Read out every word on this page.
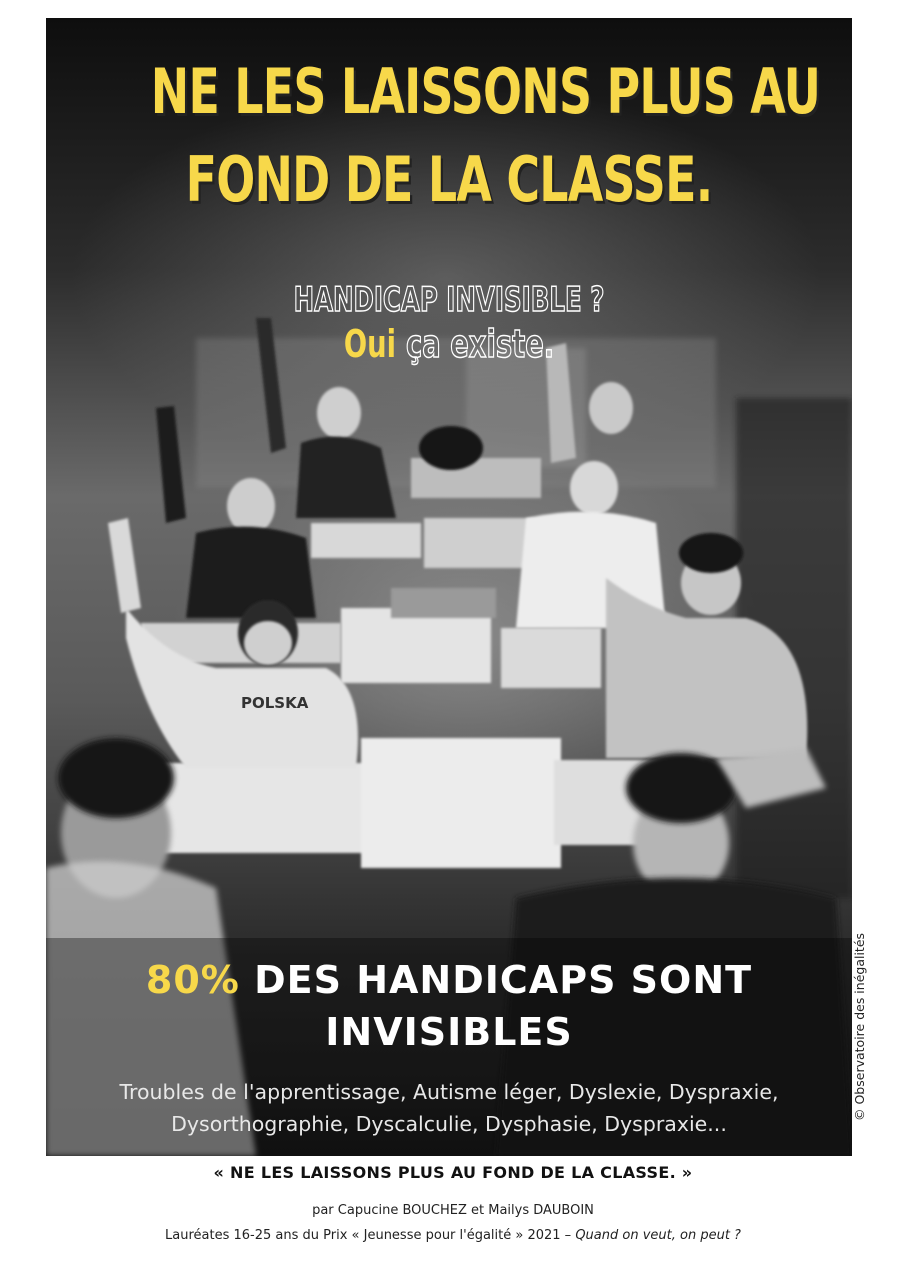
POLSKA
NE LES LAISSONS PLUS AU
FOND DE LA CLASSE.
HANDICAP INVISIBLE ?
Oui ça existe.
80% DES HANDICAPS SONT
INVISIBLES
Troubles de l'apprentissage, Autisme léger, Dyslexie, Dyspraxie,
Dysorthographie, Dyscalculie, Dysphasie, Dyspraxie...
© Observatoire des inégalités
« NE LES LAISSONS PLUS AU FOND DE LA CLASSE. »
par Capucine BOUCHEZ et Mailys DAUBOIN
Lauréates 16-25 ans du Prix « Jeunesse pour l'égalité » 2021 – Quand on veut, on peut ?
